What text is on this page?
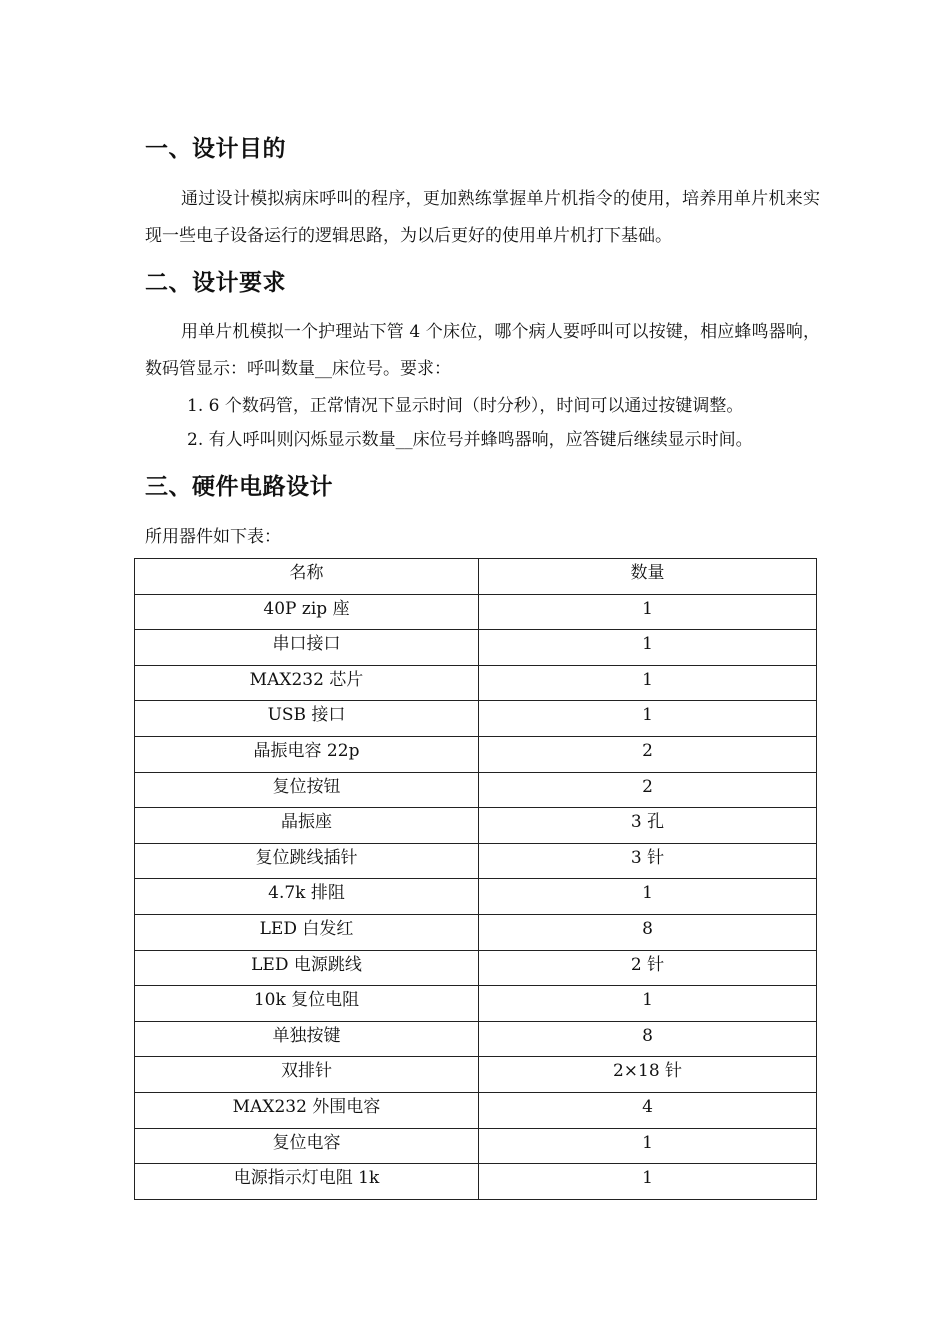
一、设计目的

通过设计模拟病床呼叫的程序，更加熟练掌握单片机指令的使用，培养用单片机来实现一些电子设备运行的逻辑思路，为以后更好的使用单片机打下基础。

二、设计要求

用单片机模拟一个护理站下管 4 个床位，哪个病人要呼叫可以按键，相应蜂鸣器响，数码管显示：呼叫数量__床位号。要求：

1. 6 个数码管，正常情况下显示时间（时分秒），时间可以通过按键调整。

2. 有人呼叫则闪烁显示数量__床位号并蜂鸣器响，应答键后继续显示时间。

三、硬件电路设计

所用器件如下表：

名称	数量
40P zip 座	1
串口接口	1
MAX232 芯片	1
USB 接口	1
晶振电容 22p	2
复位按钮	2
晶振座	3 孔
复位跳线插针	3 针
4.7k 排阻	1
LED 白发红	8
LED 电源跳线	2 针
10k 复位电阻	1
单独按键	8
双排针	2×18 针
MAX232 外围电容	4
复位电容	1
电源指示灯电阻 1k	1
